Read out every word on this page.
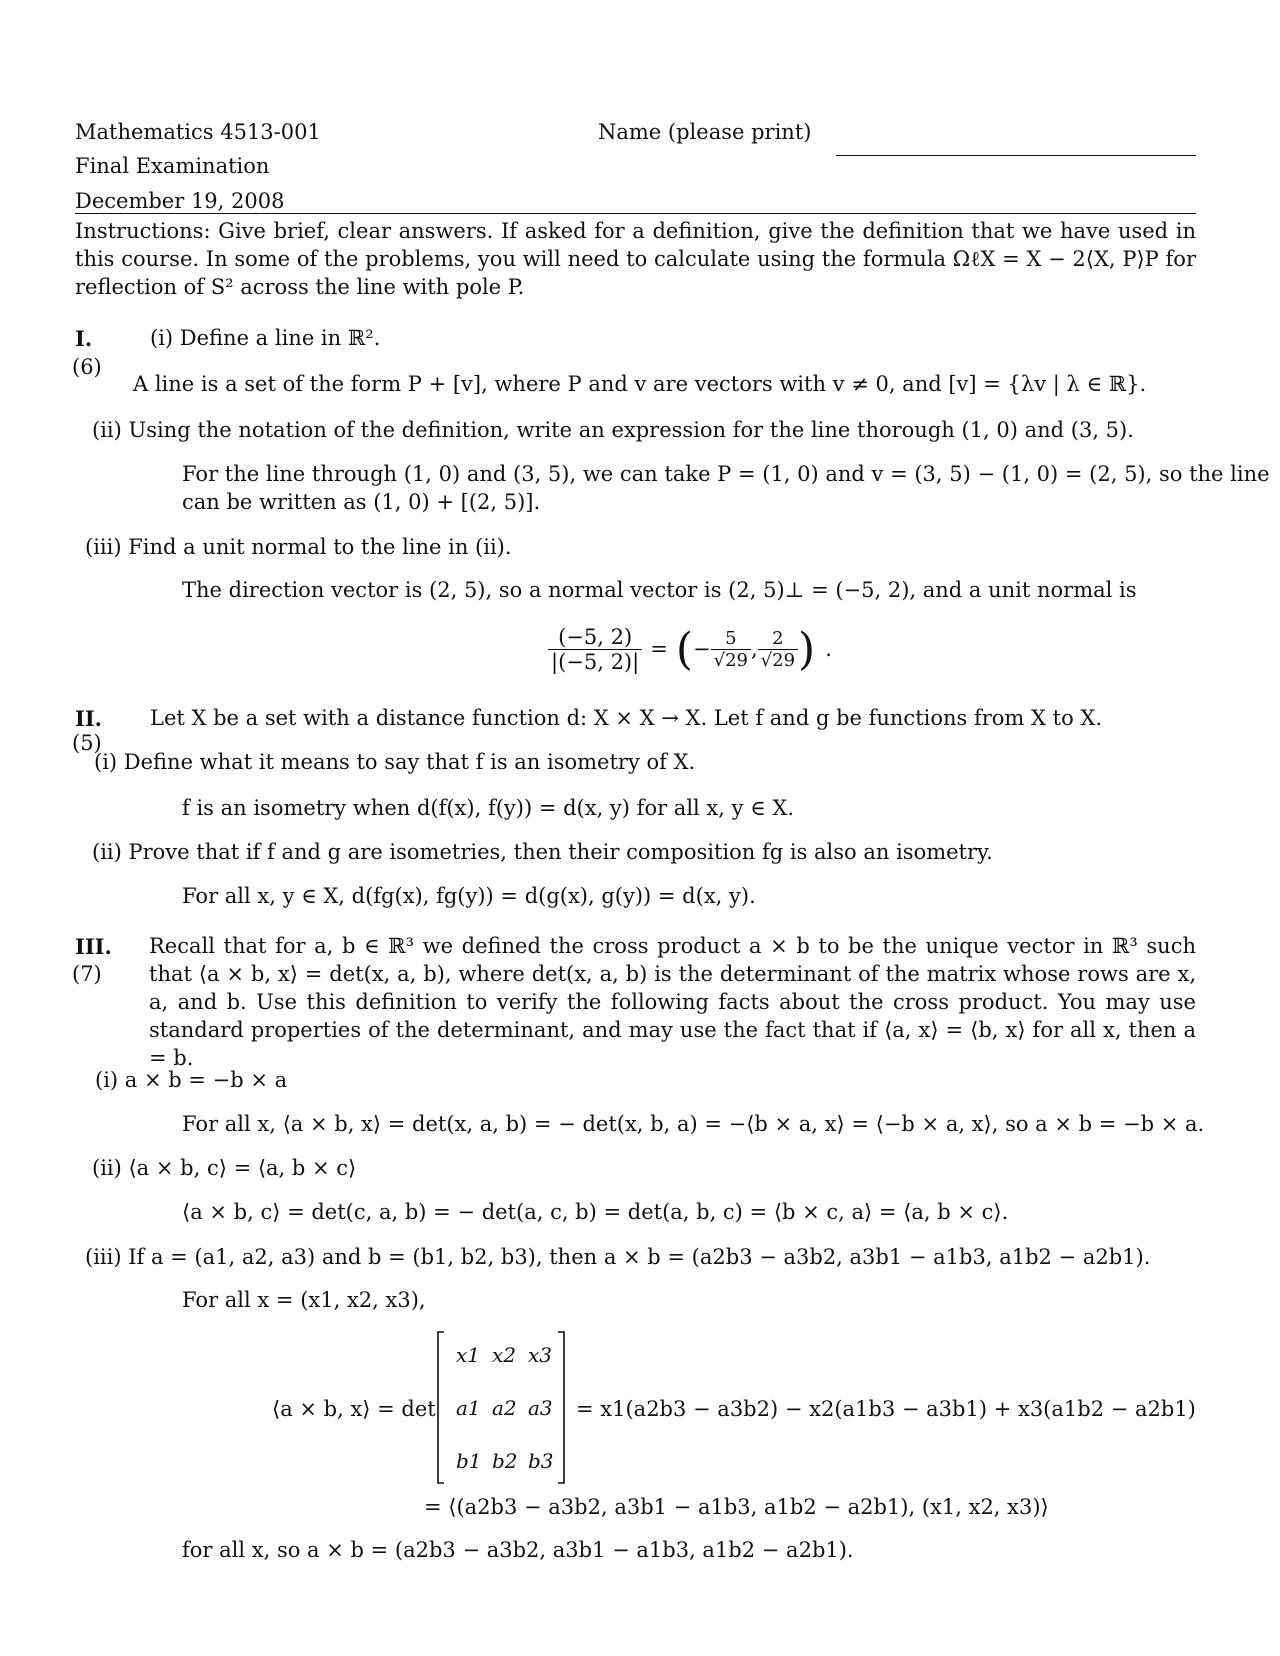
Mathematics 4513-001	Name (please print)
Final Examination
December 19, 2008
Instructions: Give brief, clear answers. If asked for a definition, give the definition that we have used in this course. In some of the problems, you will need to calculate using the formula ΩℓX = X − 2⟨X, P⟩P for reflection of S² across the line with pole P.
I.
(6)
(i) Define a line in ℝ².
A line is a set of the form P + [v], where P and v are vectors with v ≠ 0, and [v] = {λv | λ ∈ ℝ}.
(ii) Using the notation of the definition, write an expression for the line thorough (1, 0) and (3, 5).
For the line through (1, 0) and (3, 5), we can take P = (1, 0) and v = (3, 5) − (1, 0) = (2, 5), so the line
can be written as (1, 0) + [(2, 5)].
(iii) Find a unit normal to the line in (ii).
The direction vector is (2, 5), so a normal vector is (2, 5)⊥ = (−5, 2), and a unit normal is
$\frac{(-5, 2)}{|(-5, 2)|}$ = ( − $\frac{5}{√29}$ , $\frac{2}{√29}$ ) .
II.
(5)
Let X be a set with a distance function d: X × X → X. Let f and g be functions from X to X.
(i) Define what it means to say that f is an isometry of X.
f is an isometry when d(f(x), f(y)) = d(x, y) for all x, y ∈ X.
(ii) Prove that if f and g are isometries, then their composition fg is also an isometry.
For all x, y ∈ X, d(fg(x), fg(y)) = d(g(x), g(y)) = d(x, y).
III.
(7)
Recall that for a, b ∈ ℝ³ we defined the cross product a × b to be the unique vector in ℝ³ such that ⟨a × b, x⟩ = det(x, a, b), where det(x, a, b) is the determinant of the matrix whose rows are x, a, and b. Use this definition to verify the following facts about the cross product. You may use standard properties of the determinant, and may use the fact that if ⟨a, x⟩ = ⟨b, x⟩ for all x, then a = b.
(i) a × b = −b × a
For all x, ⟨a × b, x⟩ = det(x, a, b) = − det(x, b, a) = −⟨b × a, x⟩ = ⟨−b × a, x⟩, so a × b = −b × a.
(ii) ⟨a × b, c⟩ = ⟨a, b × c⟩
⟨a × b, c⟩ = det(c, a, b) = − det(a, c, b) = det(a, b, c) = ⟨b × c, a⟩ = ⟨a, b × c⟩.
(iii) If a = (a1, a2, a3) and b = (b1, b2, b3), then a × b = (a2b3 − a3b2, a3b1 − a1b3, a1b2 − a2b1).
For all x = (x1, x2, x3),
⟨a × b, x⟩ = det
x1 x2 x3
a1 a2 a3
b1 b2 b3
= x1(a2b3 − a3b2) − x2(a1b3 − a3b1) + x3(a1b2 − a2b1)
= ⟨(a2b3 − a3b2, a3b1 − a1b3, a1b2 − a2b1), (x1, x2, x3)⟩
for all x, so a × b = (a2b3 − a3b2, a3b1 − a1b3, a1b2 − a2b1).
